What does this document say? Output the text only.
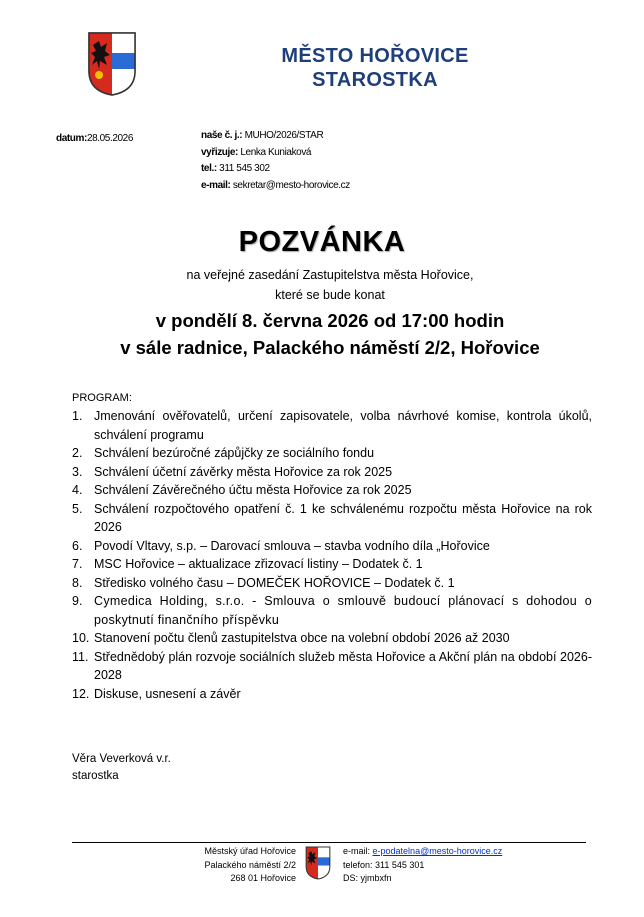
MĚSTO HOŘOVICE
STAROSTKA
datum:28.05.2026	naše č. j.: MUHO/2026/STAR
vyřizuje: Lenka Kuniaková
tel.: 311 545 302
e-mail: sekretar@mesto-horovice.cz
POZVÁNKA
na veřejné zasedání Zastupitelstva města Hořovice,
které se bude konat
v pondělí 8. června 2026 od 17:00 hodin
v sále radnice, Palackého náměstí 2/2, Hořovice
PROGRAM:
1. Jmenování ověřovatelů, určení zapisovatele, volba návrhové komise, kontrola úkolů, schválení programu
2. Schválení bezúročné zápůjčky ze sociálního fondu
3. Schválení účetní závěrky města Hořovice za rok 2025
4. Schválení Závěrečného účtu města Hořovice za rok 2025
5. Schválení rozpočtového opatření č. 1 ke schválenému rozpočtu města Hořovice na rok 2026
6. Povodí Vltavy, s.p. – Darovací smlouva – stavba vodního díla „Hořovice
7. MSC Hořovice – aktualizace zřizovací listiny – Dodatek č. 1
8. Středisko volného času – DOMEČEK HOŘOVICE – Dodatek č. 1
9. Cymedica Holding, s.r.o. - Smlouva o smlouvě budoucí plánovací s dohodou o poskytnutí finančního příspěvku
10. Stanovení počtu členů zastupitelstva obce na volební období 2026 až 2030
11. Střednědobý plán rozvoje sociálních služeb města Hořovice a Akční plán na období 2026-2028
12. Diskuse, usnesení a závěr
Věra Veverková v.r.
starostka
Městský úřad Hořovice
Palackého náměstí 2/2
268 01 Hořovice
e-mail: e-podatelna@mesto-horovice.cz
telefon: 311 545 301
DS: yjmbxfn
